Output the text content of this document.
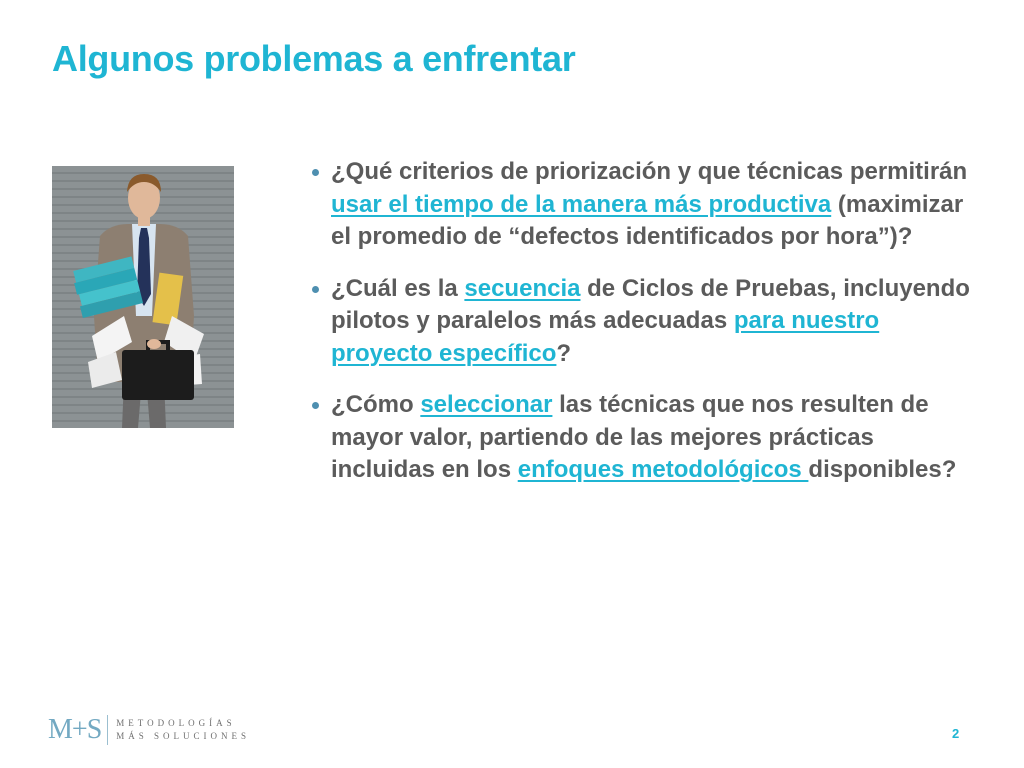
Algunos problemas a enfrentar
¿Qué criterios de priorización y que técnicas permitirán usar el tiempo de la manera más productiva (maximizar el promedio de “defectos identificados por hora”)?
¿Cuál es la secuencia de Ciclos de Pruebas, incluyendo pilotos y paralelos más adecuadas para nuestro proyecto específico?
¿Cómo seleccionar las técnicas que nos resulten de mayor valor, partiendo de las mejores prácticas incluidas en los enfoques metodológicos disponibles?
M+S METODOLOGÍAS
MÁS SOLUCIONES	2
